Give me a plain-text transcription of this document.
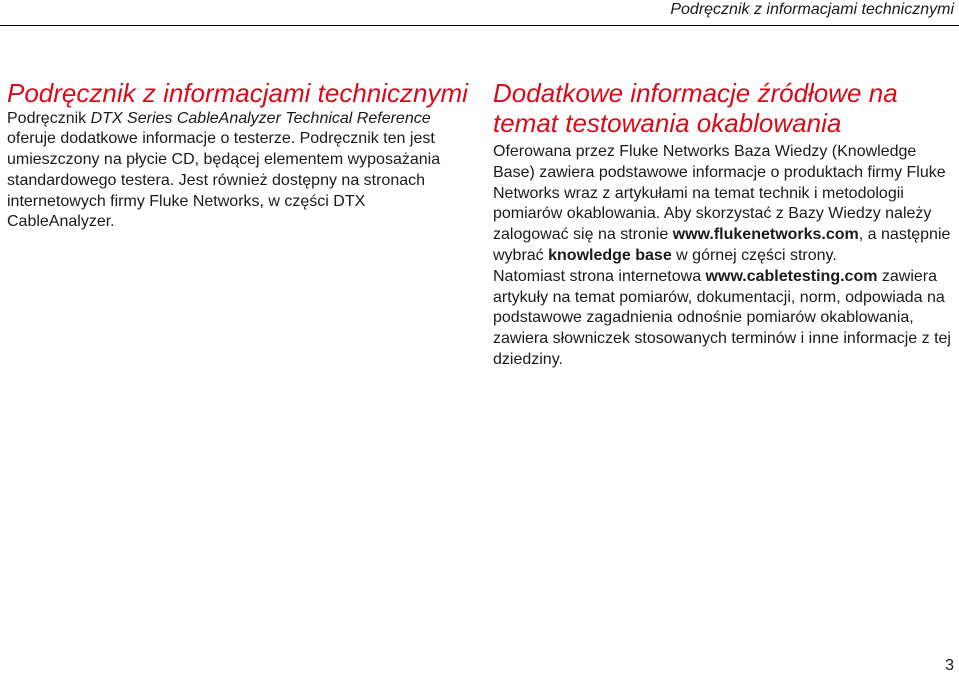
Podręcznik z informacjami technicznymi
Podręcznik z informacjami technicznymi

Podręcznik DTX Series CableAnalyzer Technical Reference
oferuje dodatkowe informacje o testerze. Podręcznik ten jest umieszczony na płycie CD, będącej elementem wyposażania standardowego testera. Jest również dostępny na stronach internetowych firmy Fluke Networks, w części DTX CableAnalyzer.

Dodatkowe informacje źródłowe na temat testowania okablowania

Oferowana przez Fluke Networks Baza Wiedzy (Knowledge Base) zawiera podstawowe informacje o produktach firmy Fluke Networks wraz z artykułami na temat technik i metodologii pomiarów okablowania. Aby skorzystać z Bazy Wiedzy należy zalogować się na stronie www.flukenetworks.com, a następnie wybrać knowledge base w górnej części strony.

Natomiast strona internetowa www.cabletesting.com zawiera artykuły na temat pomiarów, dokumentacji, norm, odpowiada na podstawowe zagadnienia odnośnie pomiarów okablowania, zawiera słowniczek stosowanych terminów i inne informacje z tej dziedziny.

3
